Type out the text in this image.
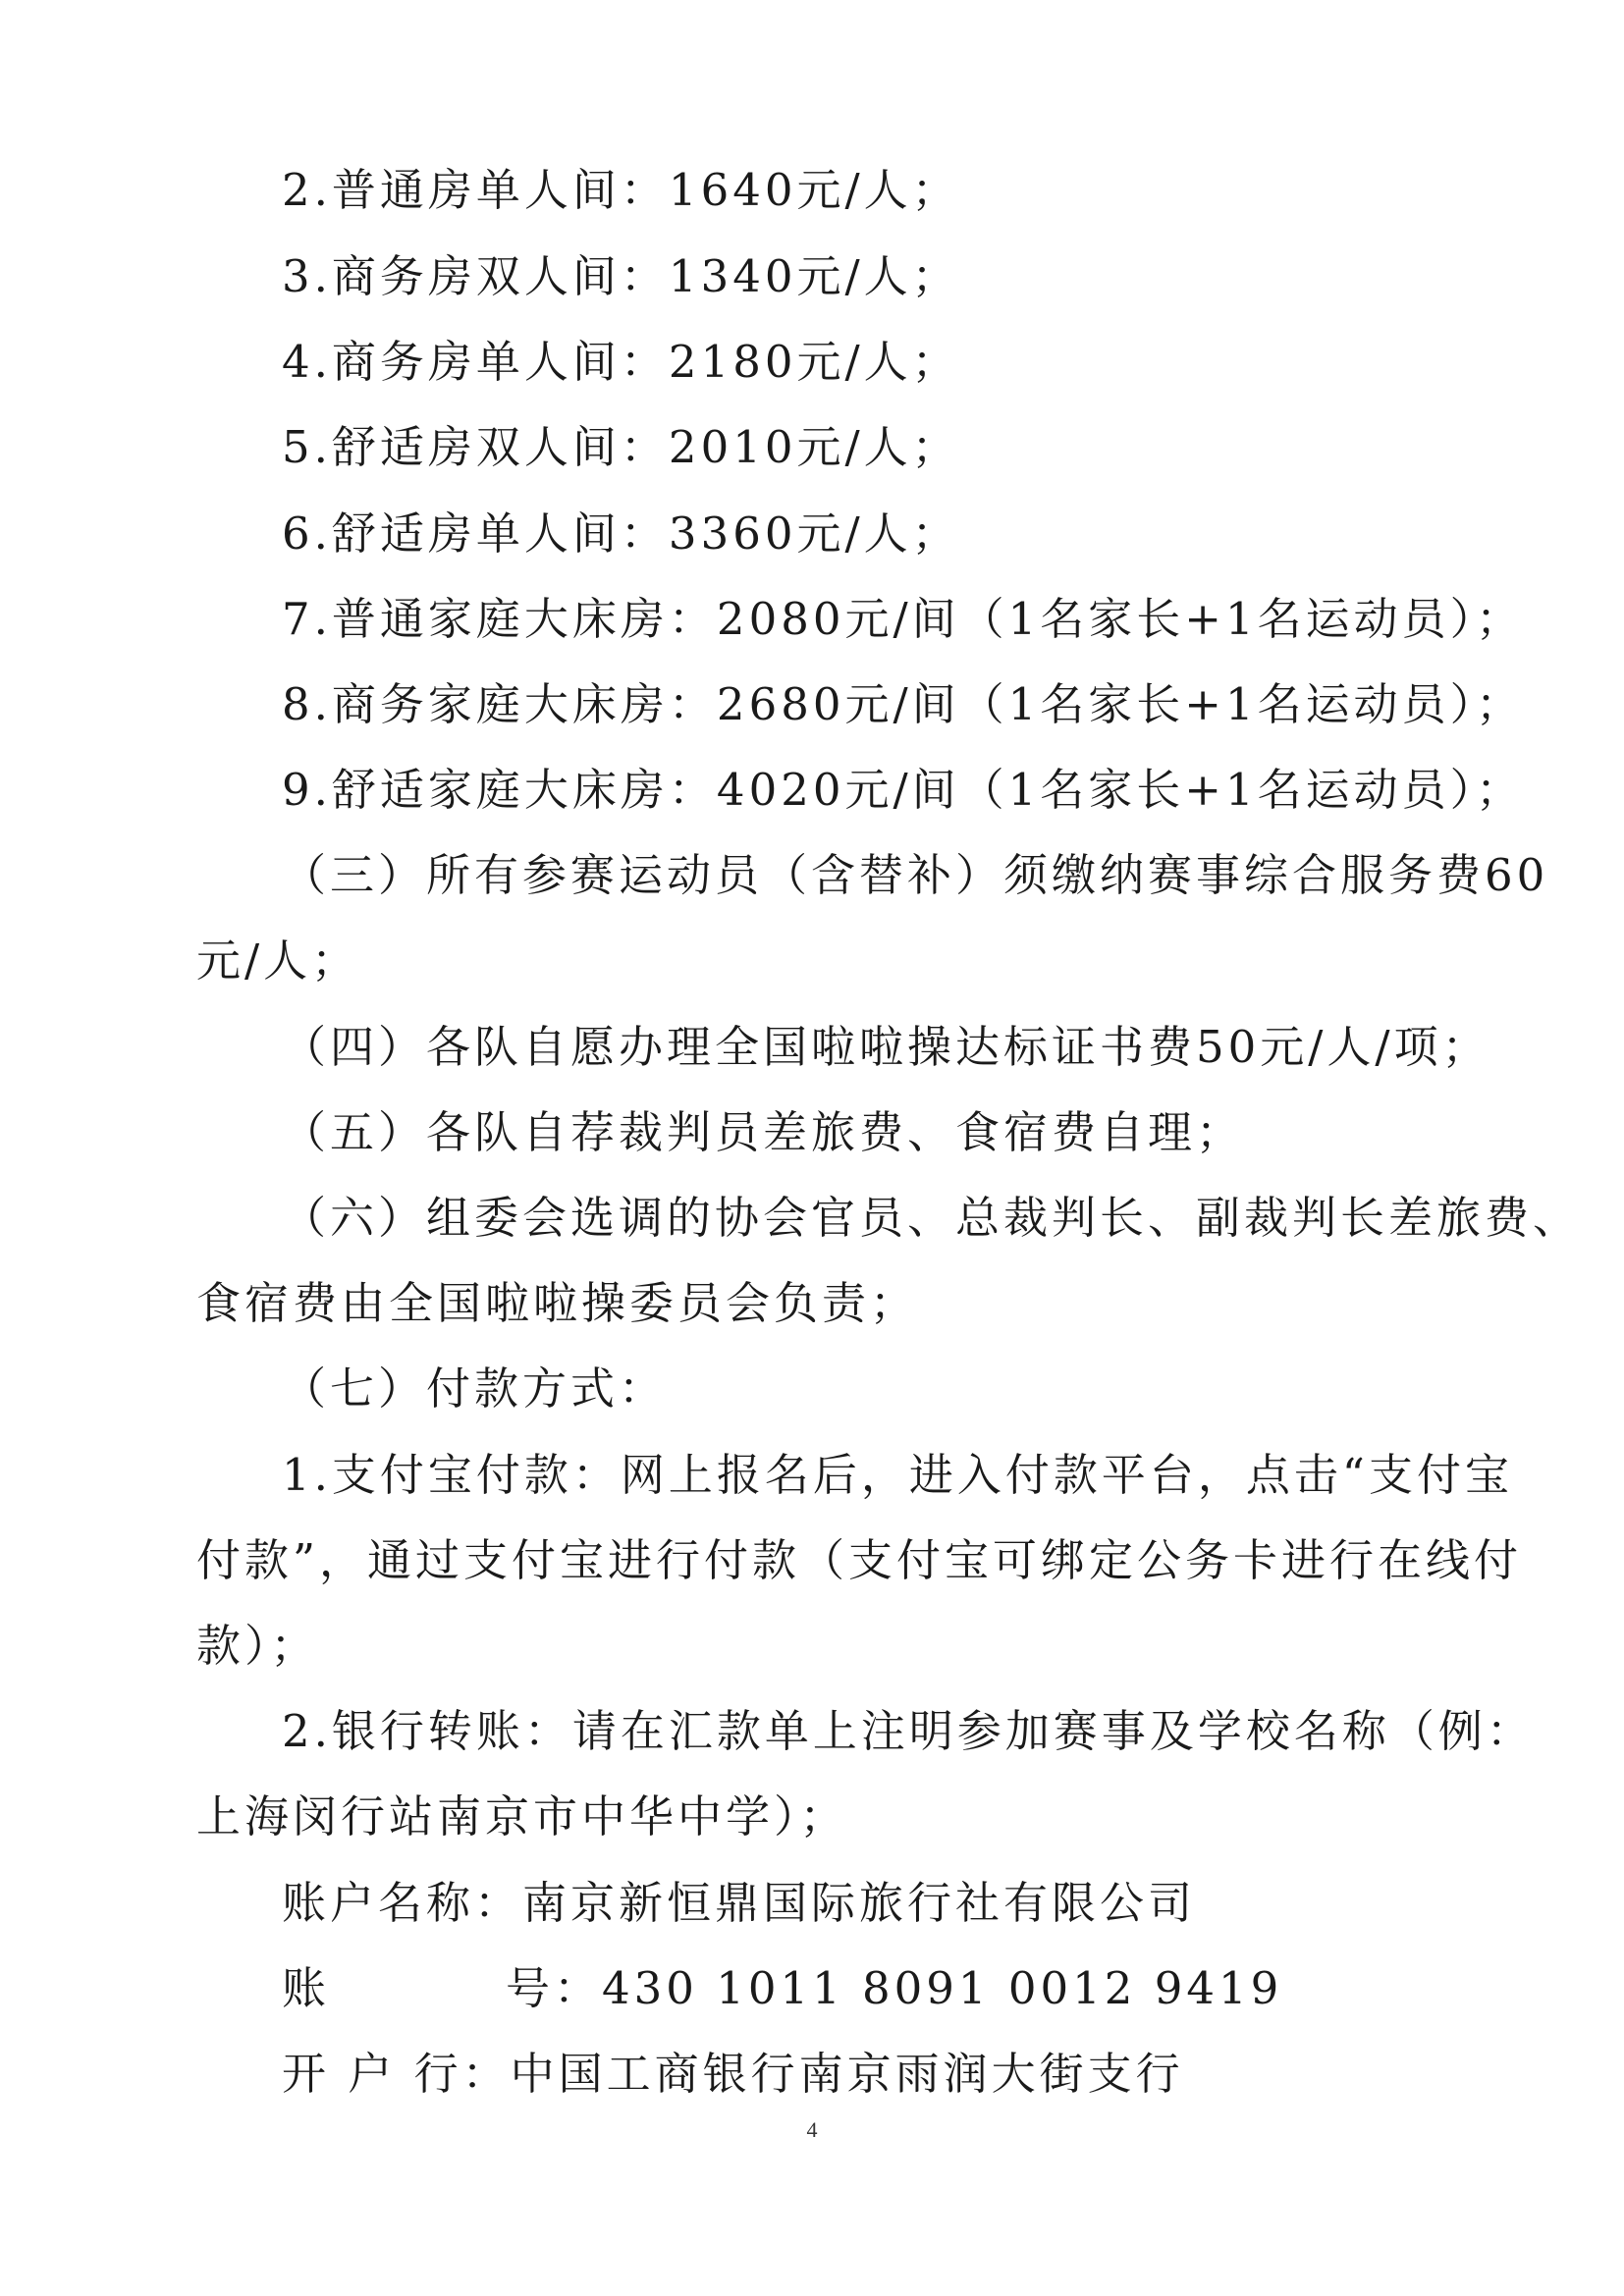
2.普通房单人间：1640元/人；
3.商务房双人间：1340元/人；
4.商务房单人间：2180元/人；
5.舒适房双人间：2010元/人；
6.舒适房单人间：3360元/人；
7.普通家庭大床房：2080元/间（1名家长+1名运动员）；
8.商务家庭大床房：2680元/间（1名家长+1名运动员）；
9.舒适家庭大床房：4020元/间（1名家长+1名运动员）；
（三）所有参赛运动员（含替补）须缴纳赛事综合服务费60
元/人；
（四）各队自愿办理全国啦啦操达标证书费50元/人/项；
（五）各队自荐裁判员差旅费、食宿费自理；
（六）组委会选调的协会官员、总裁判长、副裁判长差旅费、
食宿费由全国啦啦操委员会负责；
（七）付款方式：
1.支付宝付款：网上报名后，进入付款平台，点击“支付宝
付款”，通过支付宝进行付款（支付宝可绑定公务卡进行在线付
款）；
2.银行转账：请在汇款单上注明参加赛事及学校名称（例：
上海闵行站南京市中华中学）；
账户名称：南京新恒鼎国际旅行社有限公司
账	号：430 1011 8091 0012 9419
开 户 行：中国工商银行南京雨润大街支行
4
